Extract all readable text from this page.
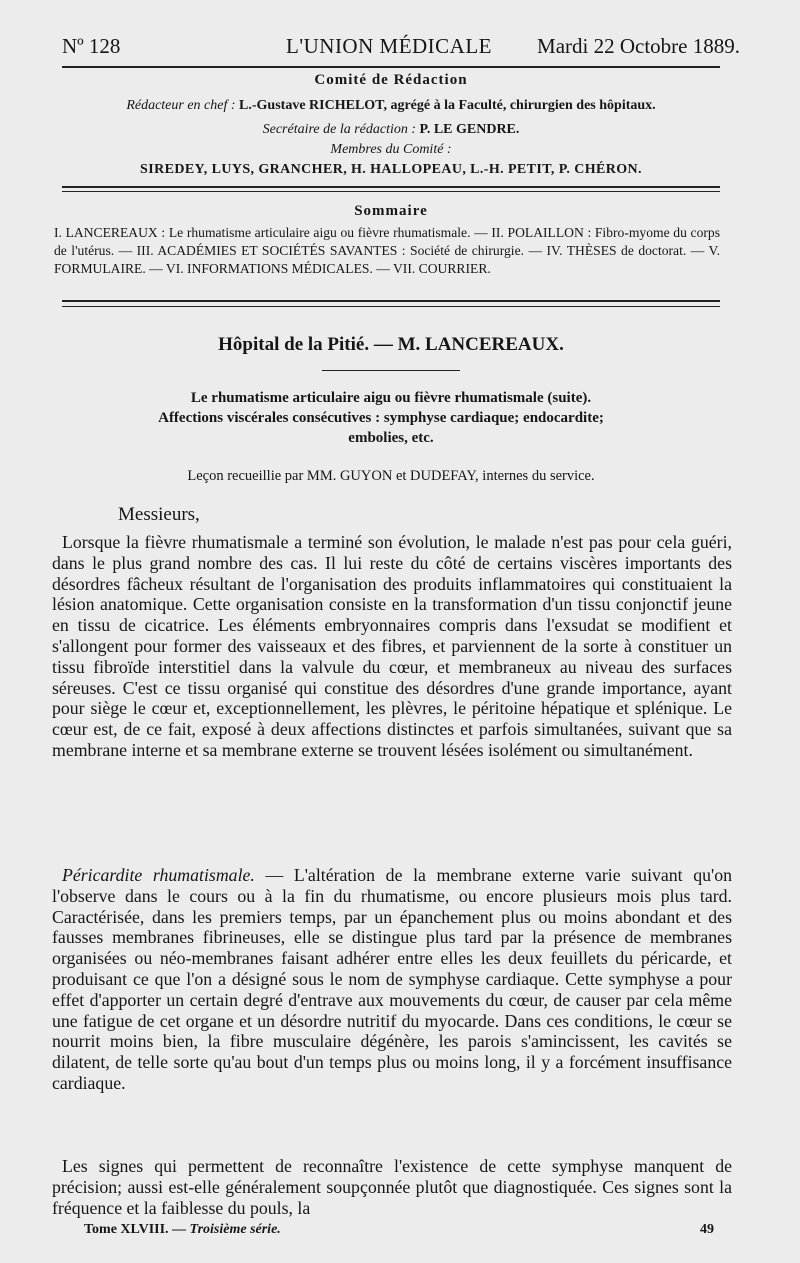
Nº 128	L'UNION MÉDICALE Mardi 22 Octobre 1889.
Comité de Rédaction
Rédacteur en chef : L.-Gustave RICHELOT, agrégé à la Faculté, chirurgien des hôpitaux.
Secrétaire de la rédaction : P. LE GENDRE.
Membres du Comité :
SIREDEY, LUYS, GRANCHER, H. HALLOPEAU, L.-H. PETIT, P. CHÉRON.
Sommaire
I. LANCEREAUX : Le rhumatisme articulaire aigu ou fièvre rhumatismale. — II. POLAILLON : Fibro-myome du corps de l'utérus. — III. ACADÉMIES ET SOCIÉTÉS SAVANTES : Société de chirurgie. — IV. THÈSES de doctorat. — V. FORMULAIRE. — VI. INFORMATIONS MÉDICALES. — VII. COURRIER.
Hôpital de la Pitié. — M. LANCEREAUX.
Le rhumatisme articulaire aigu ou fièvre rhumatismale (suite).
Affections viscérales consécutives : symphyse cardiaque; endocardite;
embolies, etc.
Leçon recueillie par MM. GUYON et DUDEFAY, internes du service.
Messieurs,

Lorsque la fièvre rhumatismale a terminé son évolution, le malade n'est pas pour cela guéri, dans le plus grand nombre des cas. Il lui reste du côté de certains viscères importants des désordres fâcheux résultant de l'organisation des produits inflammatoires qui constituaient la lésion anatomique. Cette organisation consiste en la transformation d'un tissu conjonctif jeune en tissu de cicatrice. Les éléments embryonnaires compris dans l'exsudat se modifient et s'allongent pour former des vaisseaux et des fibres, et parviennent de la sorte à constituer un tissu fibroïde interstitiel dans la valvule du cœur, et membraneux au niveau des surfaces séreuses. C'est ce tissu organisé qui constitue des désordres d'une grande importance, ayant pour siège le cœur et, exceptionnellement, les plèvres, le péritoine hépatique et splénique. Le cœur est, de ce fait, exposé à deux affections distinctes et parfois simultanées, suivant que sa membrane interne et sa membrane externe se trouvent lésées isolément ou simultanément.

Péricardite rhumatismale. — L'altération de la membrane externe varie suivant qu'on l'observe dans le cours ou à la fin du rhumatisme, ou encore plusieurs mois plus tard. Caractérisée, dans les premiers temps, par un épanchement plus ou moins abondant et des fausses membranes fibrineuses, elle se distingue plus tard par la présence de membranes organisées ou néo-membranes faisant adhérer entre elles les deux feuillets du péricarde, et produisant ce que l'on a désigné sous le nom de symphyse cardiaque. Cette symphyse a pour effet d'apporter un certain degré d'entrave aux mouvements du cœur, de causer par cela même une fatigue de cet organe et un désordre nutritif du myocarde. Dans ces conditions, le cœur se nourrit moins bien, la fibre musculaire dégénère, les parois s'amincissent, les cavités se dilatent, de telle sorte qu'au bout d'un temps plus ou moins long, il y a forcément insuffisance cardiaque.

Les signes qui permettent de reconnaître l'existence de cette symphyse manquent de précision; aussi est-elle généralement soupçonnée plutôt que diagnostiquée. Ces signes sont la fréquence et la faiblesse du pouls, la

Tome XLVIII. — Troisième série.	49
